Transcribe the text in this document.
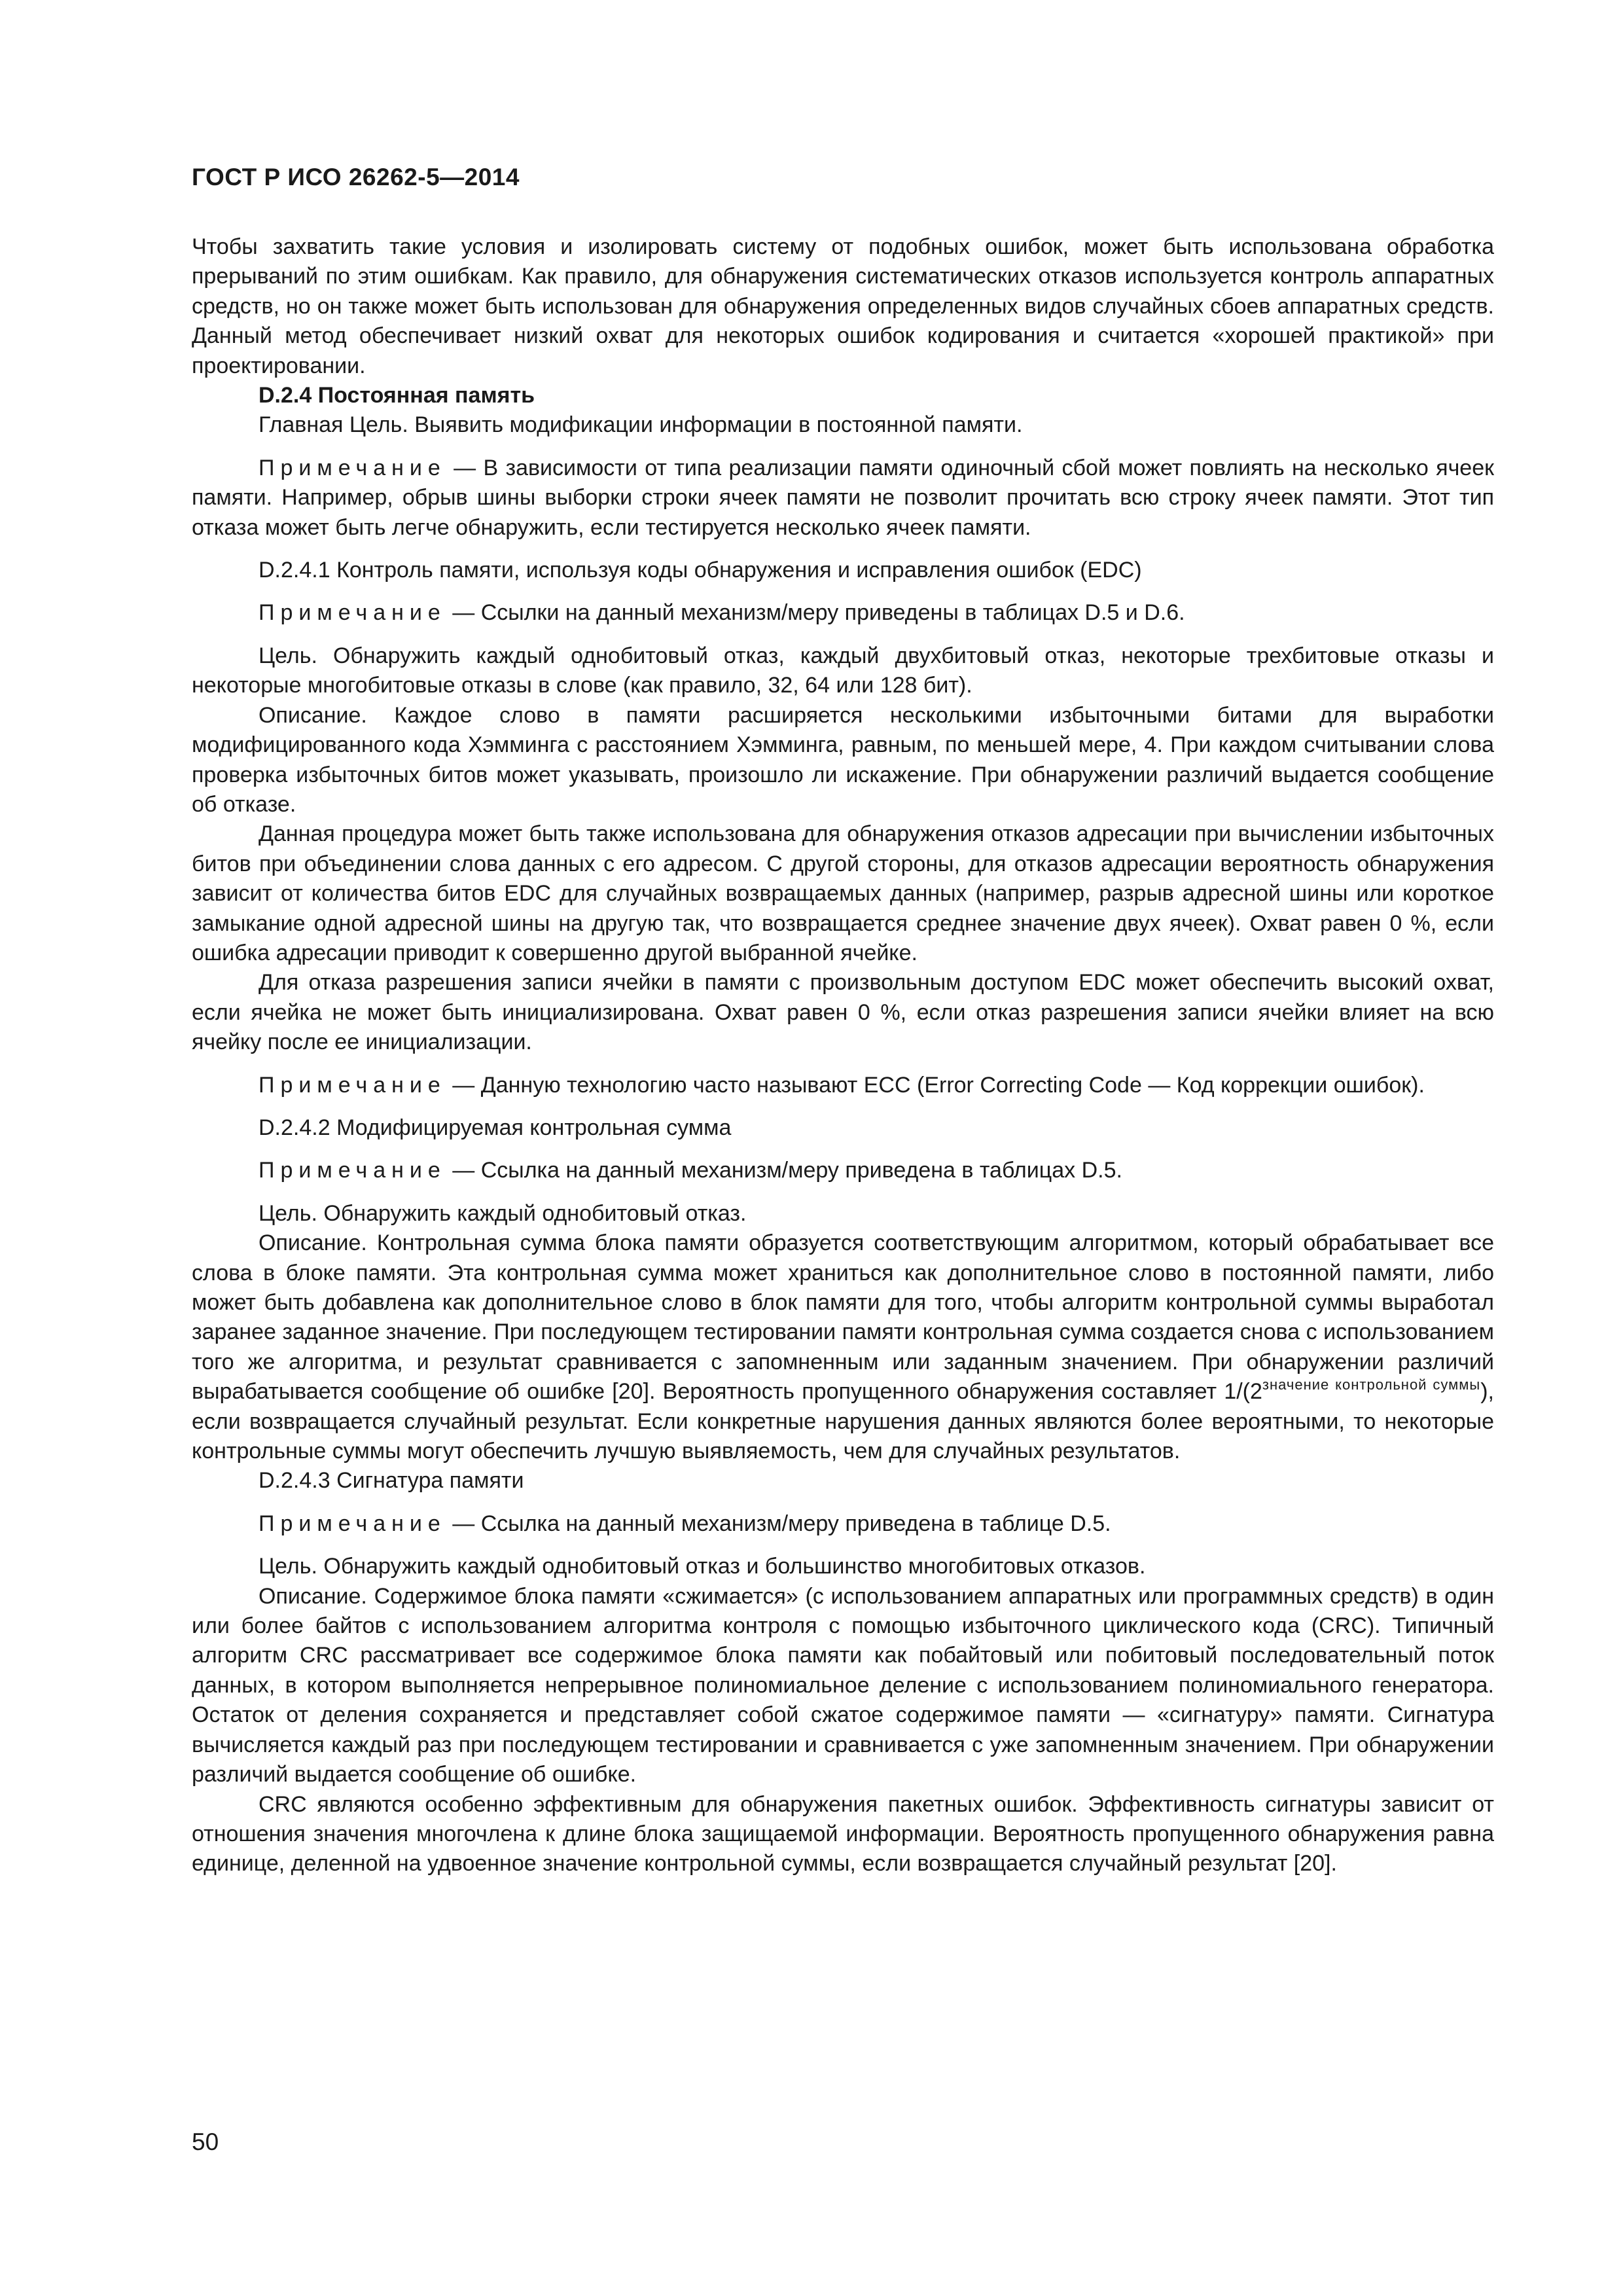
ГОСТ Р ИСО 26262-5—2014

Чтобы захватить такие условия и изолировать систему от подобных ошибок, может быть использована обработка прерываний по этим ошибкам. Как правило, для обнаружения систематических отказов используется контроль аппаратных средств, но он также может быть использован для обнаружения определенных видов случайных сбоев аппаратных средств. Данный метод обеспечивает низкий охват для некоторых ошибок кодирования и считается «хорошей практикой» при проектировании.

D.2.4 Постоянная память

Главная Цель. Выявить модификации информации в постоянной памяти.

Примечание — В зависимости от типа реализации памяти одиночный сбой может повлиять на несколько ячеек памяти. Например, обрыв шины выборки строки ячеек памяти не позволит прочитать всю строку ячеек памяти. Этот тип отказа может быть легче обнаружить, если тестируется несколько ячеек памяти.

D.2.4.1 Контроль памяти, используя коды обнаружения и исправления ошибок (EDC)

Примечание — Ссылки на данный механизм/меру приведены в таблицах D.5 и D.6.

Цель. Обнаружить каждый однобитовый отказ, каждый двухбитовый отказ, некоторые трехбитовые отказы и некоторые многобитовые отказы в слове (как правило, 32, 64 или 128 бит).

Описание. Каждое слово в памяти расширяется несколькими избыточными битами для выработки модифицированного кода Хэмминга с расстоянием Хэмминга, равным, по меньшей мере, 4. При каждом считывании слова проверка избыточных битов может указывать, произошло ли искажение. При обнаружении различий выдается сообщение об отказе.

Данная процедура может быть также использована для обнаружения отказов адресации при вычислении избыточных битов при объединении слова данных с его адресом. С другой стороны, для отказов адресации вероятность обнаружения зависит от количества битов EDC для случайных возвращаемых данных (например, разрыв адресной шины или короткое замыкание одной адресной шины на другую так, что возвращается среднее значение двух ячеек). Охват равен 0 %, если ошибка адресации приводит к совершенно другой выбранной ячейке.

Для отказа разрешения записи ячейки в памяти с произвольным доступом EDC может обеспечить высокий охват, если ячейка не может быть инициализирована. Охват равен 0 %, если отказ разрешения записи ячейки влияет на всю ячейку после ее инициализации.

Примечание — Данную технологию часто называют ECC (Error Correcting Code — Код коррекции ошибок).

D.2.4.2 Модифицируемая контрольная сумма

Примечание — Ссылка на данный механизм/меру приведена в таблицах D.5.

Цель. Обнаружить каждый однобитовый отказ.

Описание. Контрольная сумма блока памяти образуется соответствующим алгоритмом, который обрабатывает все слова в блоке памяти. Эта контрольная сумма может храниться как дополнительное слово в постоянной памяти, либо может быть добавлена как дополнительное слово в блок памяти для того, чтобы алгоритм контрольной суммы выработал заранее заданное значение. При последующем тестировании памяти контрольная сумма создается снова с использованием того же алгоритма, и результат сравнивается с запомненным или заданным значением. При обнаружении различий вырабатывается сообщение об ошибке [20]. Вероятность пропущенного обнаружения составляет $1/(2^{значение контрольной суммы})$, если возвращается случайный результат. Если конкретные нарушения данных являются более вероятными, то некоторые контрольные суммы могут обеспечить лучшую выявляемость, чем для случайных результатов.

D.2.4.3 Сигнатура памяти

Примечание — Ссылка на данный механизм/меру приведена в таблице D.5.

Цель. Обнаружить каждый однобитовый отказ и большинство многобитовых отказов.

Описание. Содержимое блока памяти «сжимается» (с использованием аппаратных или программных средств) в один или более байтов с использованием алгоритма контроля с помощью избыточного циклического кода (CRC). Типичный алгоритм CRC рассматривает все содержимое блока памяти как побайтовый или побитовый последовательный поток данных, в котором выполняется непрерывное полиномиальное деление с использованием полиномиального генератора. Остаток от деления сохраняется и представляет собой сжатое содержимое памяти — «сигнатуру» памяти. Сигнатура вычисляется каждый раз при последующем тестировании и сравнивается с уже запомненным значением. При обнаружении различий выдается сообщение об ошибке.

CRC являются особенно эффективным для обнаружения пакетных ошибок. Эффективность сигнатуры зависит от отношения значения многочлена к длине блока защищаемой информации. Вероятность пропущенного обнаружения равна единице, деленной на удвоенное значение контрольной суммы, если возвращается случайный результат [20].

50
